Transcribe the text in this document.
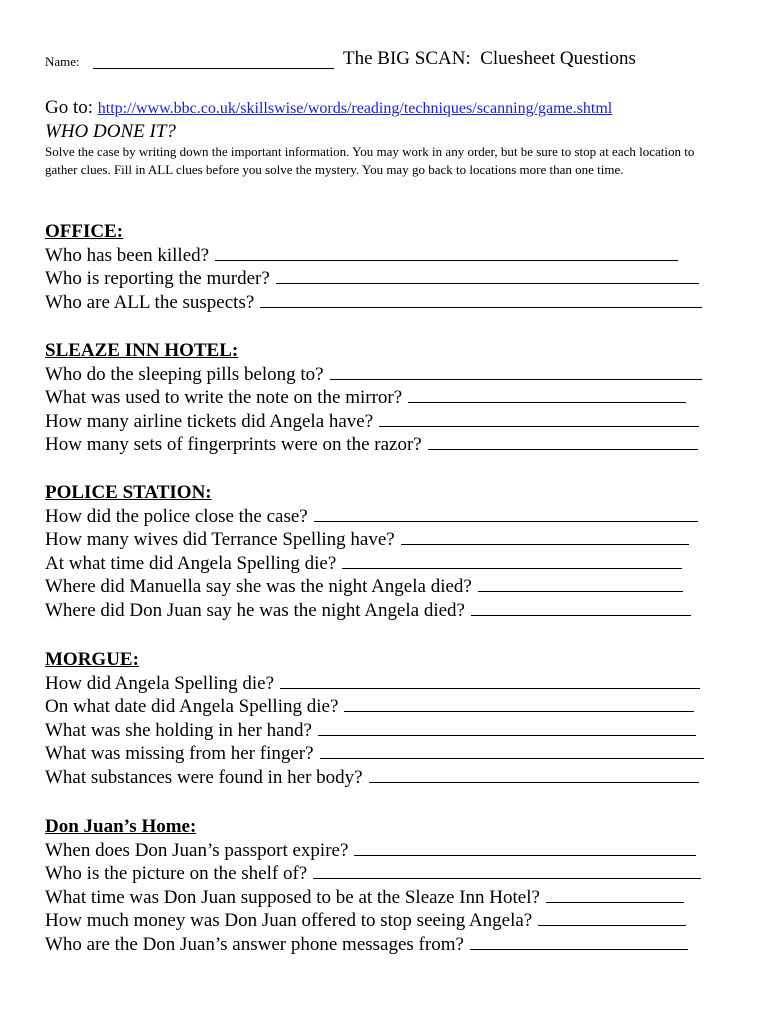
Name:	The BIG SCAN:  Cluesheet Questions
Go to: http://www.bbc.co.uk/skillswise/words/reading/techniques/scanning/game.shtml
WHO DONE IT?
Solve the case by writing down the important information. You may work in any order, but be sure to stop at each location to gather clues. Fill in ALL clues before you solve the mystery. You may go back to locations more than one time.
OFFICE:
Who has been killed?
Who is reporting the murder?
Who are ALL the suspects?
SLEAZE INN HOTEL:
Who do the sleeping pills belong to?
What was used to write the note on the mirror?
How many airline tickets did Angela have?
How many sets of fingerprints were on the razor?
POLICE STATION:
How did the police close the case?
How many wives did Terrance Spelling have?
At what time did Angela Spelling die?
Where did Manuella say she was the night Angela died?
Where did Don Juan say he was the night Angela died?
MORGUE:
How did Angela Spelling die?
On what date did Angela Spelling die?
What was she holding in her hand?
What was missing from her finger?
What substances were found in her body?
Don Juan’s Home:
When does Don Juan’s passport expire?
Who is the picture on the shelf of?
What time was Don Juan supposed to be at the Sleaze Inn Hotel?
How much money was Don Juan offered to stop seeing Angela?
Who are the Don Juan’s answer phone messages from?
